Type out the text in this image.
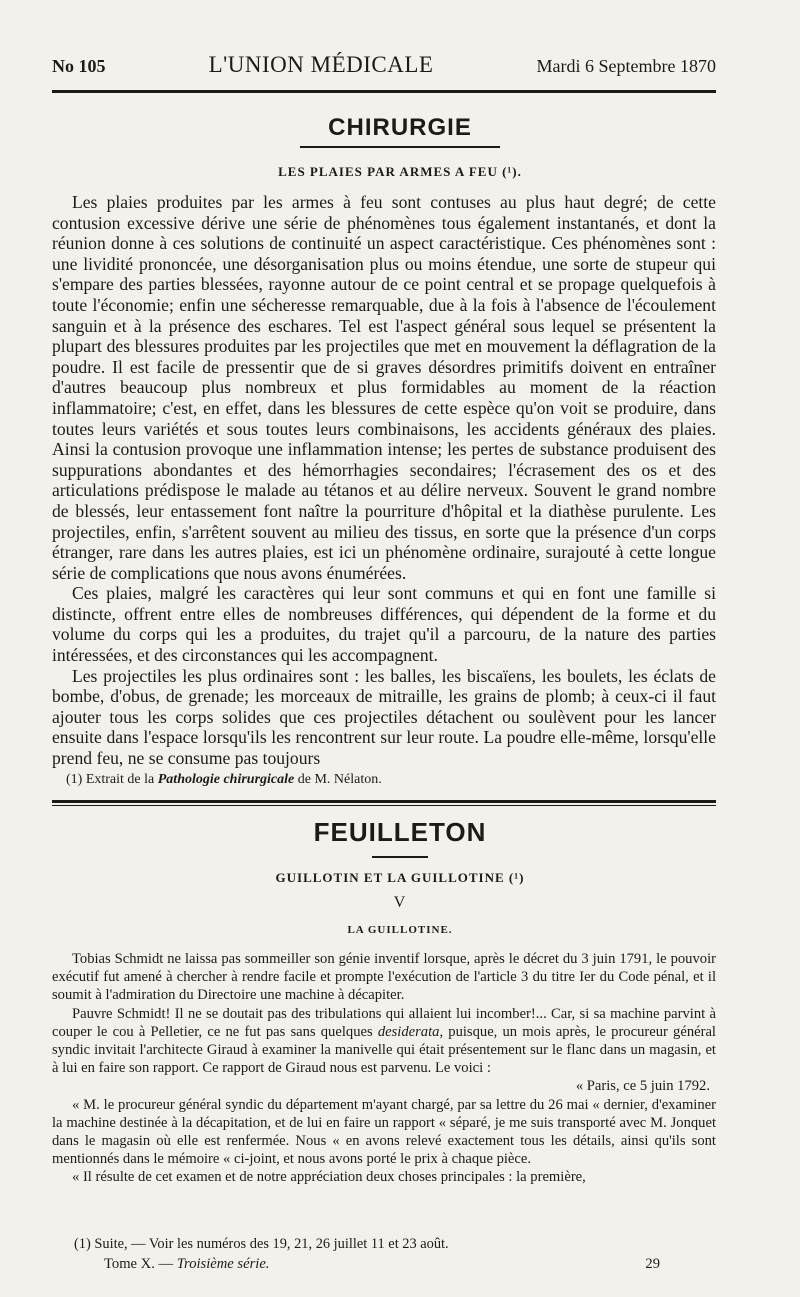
No 105	L'UNION MÉDICALE	Mardi 6 Septembre 1870
CHIRURGIE
LES PLAIES PAR ARMES A FEU (¹).

Les plaies produites par les armes à feu sont contuses au plus haut degré; de cette contusion excessive dérive une série de phénomènes tous également instantanés, et dont la réunion donne à ces solutions de continuité un aspect caractéristique. Ces phénomènes sont : une lividité prononcée, une désorganisation plus ou moins étendue, une sorte de stupeur qui s'empare des parties blessées, rayonne autour de ce point central et se propage quelquefois à toute l'économie; enfin une sécheresse remarquable, due à la fois à l'absence de l'écoulement sanguin et à la présence des eschares. Tel est l'aspect général sous lequel se présentent la plupart des blessures produites par les projectiles que met en mouvement la déflagration de la poudre. Il est facile de pressentir que de si graves désordres primitifs doivent en entraîner d'autres beaucoup plus nombreux et plus formidables au moment de la réaction inflammatoire; c'est, en effet, dans les blessures de cette espèce qu'on voit se produire, dans toutes leurs variétés et sous toutes leurs combinaisons, les accidents généraux des plaies. Ainsi la contusion provoque une inflammation intense; les pertes de substance produisent des suppurations abondantes et des hémorrhagies secondaires; l'écrasement des os et des articulations prédispose le malade au tétanos et au délire nerveux. Souvent le grand nombre de blessés, leur entassement font naître la pourriture d'hôpital et la diathèse purulente. Les projectiles, enfin, s'arrêtent souvent au milieu des tissus, en sorte que la présence d'un corps étranger, rare dans les autres plaies, est ici un phénomène ordinaire, surajouté à cette longue série de complications que nous avons énumérées.

Ces plaies, malgré les caractères qui leur sont communs et qui en font une famille si distincte, offrent entre elles de nombreuses différences, qui dépendent de la forme et du volume du corps qui les a produites, du trajet qu'il a parcouru, de la nature des parties intéressées, et des circonstances qui les accompagnent.

Les projectiles les plus ordinaires sont : les balles, les biscaïens, les boulets, les éclats de bombe, d'obus, de grenade; les morceaux de mitraille, les grains de plomb; à ceux-ci il faut ajouter tous les corps solides que ces projectiles détachent ou soulèvent pour les lancer ensuite dans l'espace lorsqu'ils les rencontrent sur leur route. La poudre elle-même, lorsqu'elle prend feu, ne se consume pas toujours

(1) Extrait de la Pathologie chirurgicale de M. Nélaton.
FEUILLETON
GUILLOTIN ET LA GUILLOTINE (¹)
V
LA GUILLOTINE.

Tobias Schmidt ne laissa pas sommeiller son génie inventif lorsque, après le décret du 3 juin 1791, le pouvoir exécutif fut amené à chercher à rendre facile et prompte l'exécution de l'article 3 du titre Ier du Code pénal, et il soumit à l'admiration du Directoire une machine à décapiter.

Pauvre Schmidt! Il ne se doutait pas des tribulations qui allaient lui incomber!... Car, si sa machine parvint à couper le cou à Pelletier, ce ne fut pas sans quelques desiderata, puisque, un mois après, le procureur général syndic invitait l'architecte Giraud à examiner la manivelle qui était présentement sur le flanc dans un magasin, et à lui en faire son rapport. Ce rapport de Giraud nous est parvenu. Le voici :

« Paris, ce 5 juin 1792.

« M. le procureur général syndic du département m'ayant chargé, par sa lettre du 26 mai « dernier, d'examiner la machine destinée à la décapitation, et de lui en faire un rapport « séparé, je me suis transporté avec M. Jonquet dans le magasin où elle est renfermée. Nous « en avons relevé exactement tous les détails, ainsi qu'ils sont mentionnés dans le mémoire « ci-joint, et nous avons porté le prix à chaque pièce.

« Il résulte de cet examen et de notre appréciation deux choses principales : la première,

(1) Suite, — Voir les numéros des 19, 21, 26 juillet 11 et 23 août.
Tome X. — Troisième série.	29
